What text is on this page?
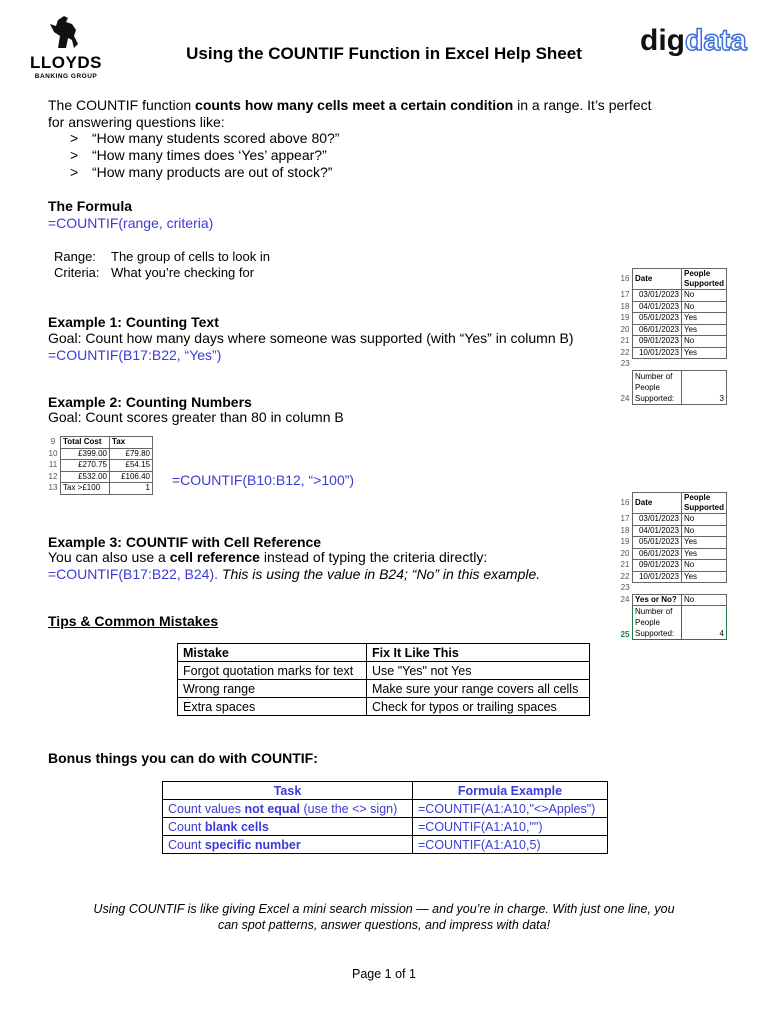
LLOYDS
BANKING GROUP
digdata
Using the COUNTIF Function in Excel Help Sheet
The COUNTIF function counts how many cells meet a certain condition in a range. It’s perfect
for answering questions like:
> “How many students scored above 80?”
> “How many times does ‘Yes’ appear?”
> “How many products are out of stock?”
The Formula
=COUNTIF(range, criteria)
Range: The group of cells to look in
Criteria: What you’re checking for	16	Date	People
Supported
17	03/01/2023	No
18	04/01/2023	No
19	05/01/2023	Yes
20	06/01/2023	Yes
21	09/01/2023	No
22	10/01/2023	Yes
23		
24	Number of
People
Supported:	3
Example 1: Counting Text
Goal: Count how many days where someone was supported (with “Yes” in column B)
=COUNTIF(B17:B22, “Yes”)
Example 2: Counting Numbers
Goal: Count scores greater than 80 in column B
9	Total Cost	Tax
10	£399.00	£79.80
11	£270.75	£54.15
12	£532.00	£106.40
13	Tax >£100	1 =COUNTIF(B10:B12, “>100”)
16	Date	People
Supported
17	03/01/2023	No
18	04/01/2023	No
19	05/01/2023	Yes
20	06/01/2023	Yes
21	09/01/2023	No
22	10/01/2023	Yes
23		
24	Yes or No?	No
25	Number of
People
Supported:	4
Example 3: COUNTIF with Cell Reference
You can also use a cell reference instead of typing the criteria directly:
=COUNTIF(B17:B22, B24). This is using the value in B24; “No” in this example.
Tips & Common Mistakes
Mistake	Fix It Like This
Forgot quotation marks for text	Use "Yes" not Yes
Wrong range	Make sure your range covers all cells
Extra spaces	Check for typos or trailing spaces
Bonus things you can do with COUNTIF:
Task	Formula Example
Count values not equal (use the <> sign)	=COUNTIF(A1:A10,"<>Apples")
Count blank cells	=COUNTIF(A1:A10,"")
Count specific number	=COUNTIF(A1:A10,5)
Using COUNTIF is like giving Excel a mini search mission — and you’re in charge. With just one line, you
can spot patterns, answer questions, and impress with data!
Page 1 of 1
